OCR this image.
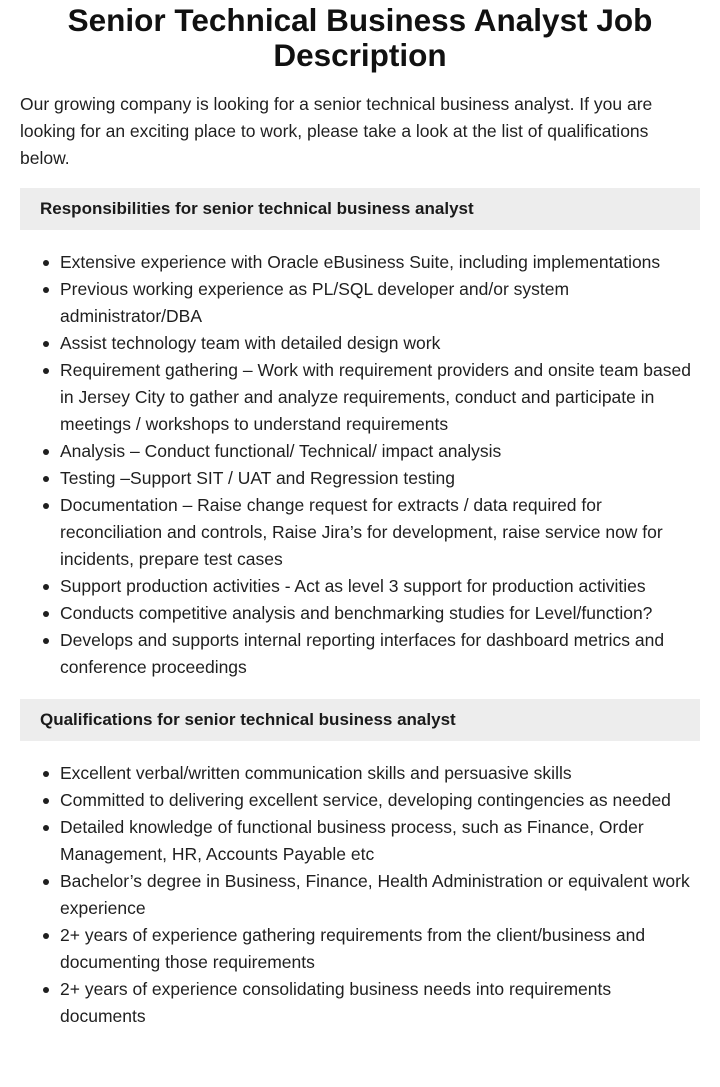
Senior Technical Business Analyst Job Description

Our growing company is looking for a senior technical business analyst. If you are looking for an exciting place to work, please take a look at the list of qualifications below.

Responsibilities for senior technical business analyst
Extensive experience with Oracle eBusiness Suite, including implementations
Previous working experience as PL/SQL developer and/or system administrator/DBA
Assist technology team with detailed design work
Requirement gathering – Work with requirement providers and onsite team based in Jersey City to gather and analyze requirements, conduct and participate in meetings / workshops to understand requirements
Analysis – Conduct functional/ Technical/ impact analysis
Testing –Support SIT / UAT and Regression testing
Documentation – Raise change request for extracts / data required for reconciliation and controls, Raise Jira’s for development, raise service now for incidents, prepare test cases
Support production activities - Act as level 3 support for production activities
Conducts competitive analysis and benchmarking studies for Level/function?
Develops and supports internal reporting interfaces for dashboard metrics and conference proceedings
Qualifications for senior technical business analyst
Excellent verbal/written communication skills and persuasive skills
Committed to delivering excellent service, developing contingencies as needed
Detailed knowledge of functional business process, such as Finance, Order Management, HR, Accounts Payable etc
Bachelor’s degree in Business, Finance, Health Administration or equivalent work experience
2+ years of experience gathering requirements from the client/business and documenting those requirements
2+ years of experience consolidating business needs into requirements documents
